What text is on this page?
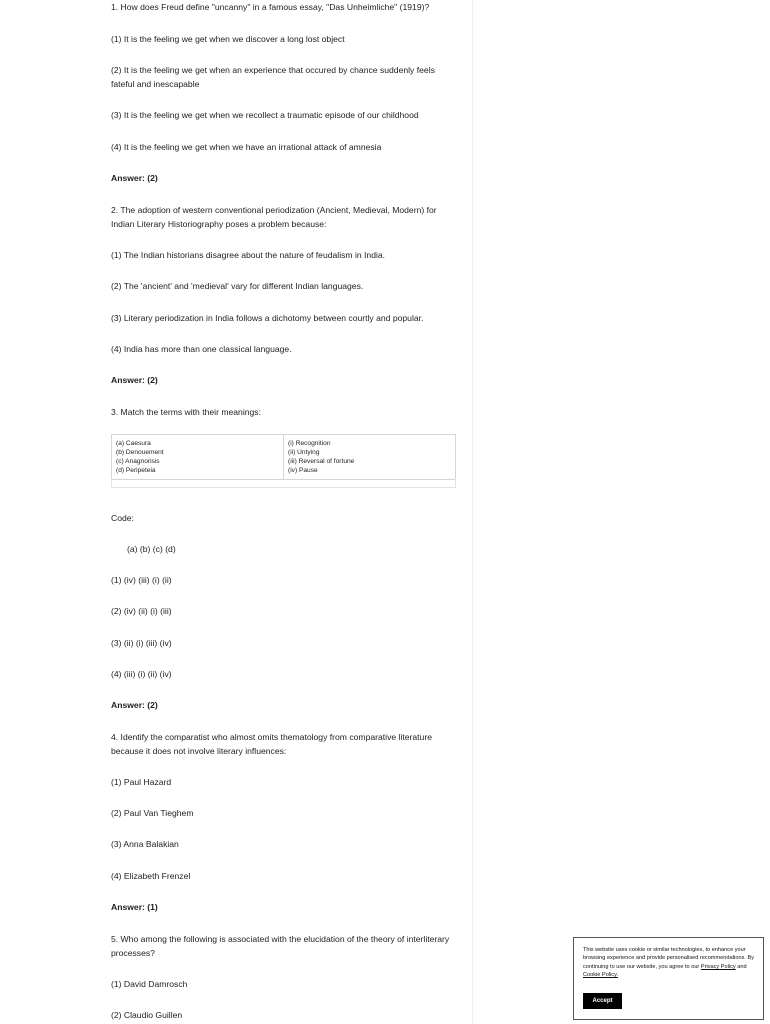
1. How does Freud define "uncanny" in a famous essay, "Das Unheimliche" (1919)?

(1) It is the feeling we get when we discover a long lost object

(2) It is the feeling we get when an experience that occured by chance suddenly feels fateful and inescapable

(3) It is the feeling we get when we recollect a traumatic episode of our childhood

(4) It is the feeling we get when we have an irrational attack of amnesia

Answer: (2)

2. The adoption of western conventional periodization (Ancient, Medieval, Modern) for Indian Literary Historiography poses a problem because:

(1) The Indian historians disagree about the nature of feudalism in India.

(2) The 'ancient' and 'medieval' vary for different Indian languages.

(3) Literary periodization in India follows a dichotomy between courtly and popular.

(4) India has more than one classical language.

Answer: (2)

3. Match the terms with their meanings:

(a) Caesura
(b) Denouement
(c) Anagnorisis
(d) Peripeteia

(i) Recognition
(ii) Untying
(iii) Reversal of fortune
(iv) Pause

Code:

(a) (b) (c) (d)

(1) (iv) (iii) (i) (ii)

(2) (iv) (ii) (i) (iii)

(3) (ii) (i) (iii) (iv)

(4) (iii) (i) (ii) (iv)

Answer: (2)

4. Identify the comparatist who almost omits thematology from comparative literature because it does not involve literary influences:

(1) Paul Hazard

(2) Paul Van Tieghem

(3) Anna Balakian

(4) Elizabeth Frenzel

Answer: (1)

5. Who among the following is associated with the elucidation of the theory of interliterary processes?

(1) David Damrosch

(2) Claudio Guillen

This website uses cookie or similar technologies, to enhance your browsing experience and provide personalised recommendations. By continuing to use our website, you agree to our Privacy Policy and Cookie Policy.
Accept
